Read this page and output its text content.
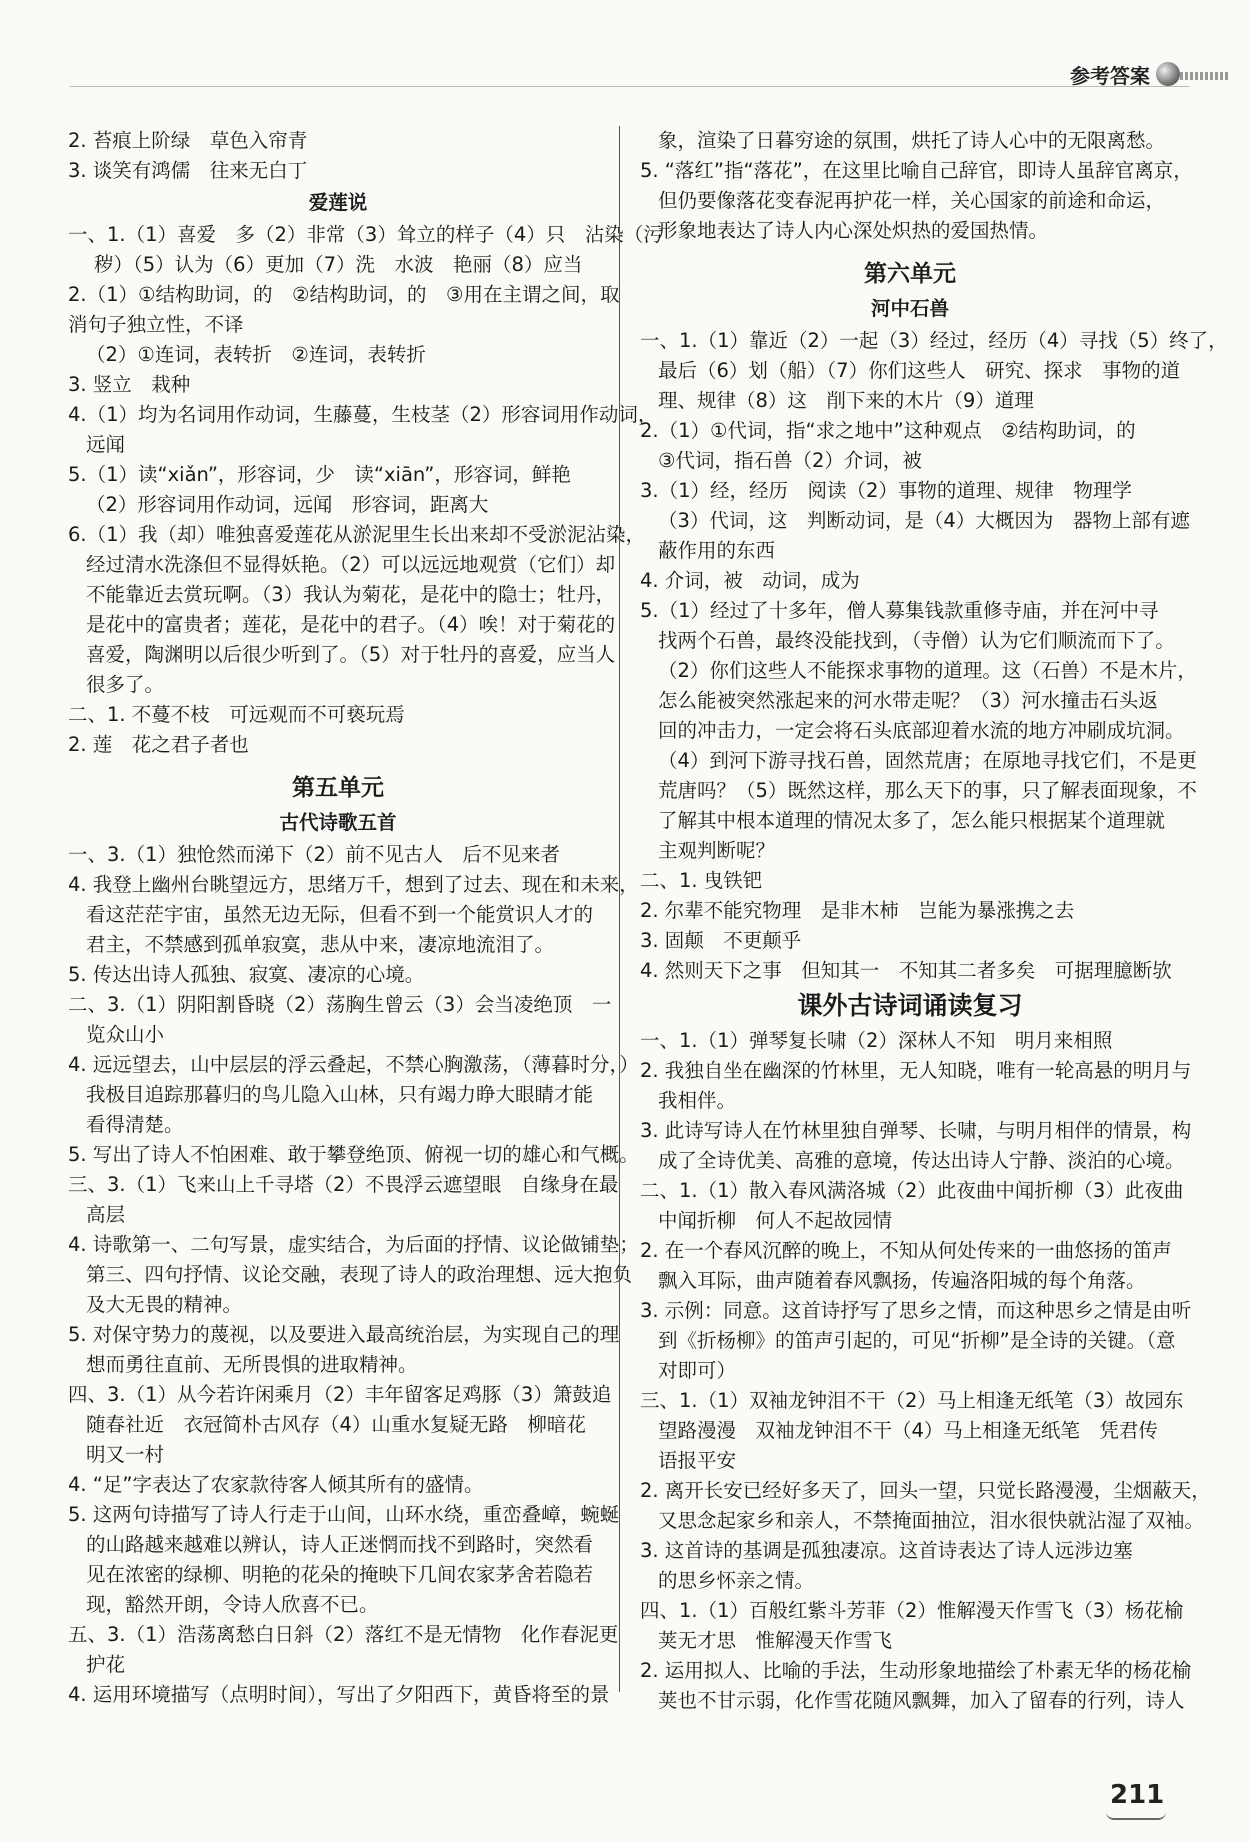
参考答案
2. 苔痕上阶绿　草色入帘青
3. 谈笑有鸿儒　往来无白丁
爱莲说
一、1.（1）喜爱　多（2）非常（3）耸立的样子（4）只　沾染（污
秽）（5）认为（6）更加（7）洗　水波　艳丽（8）应当
2.（1）①结构助词，的　②结构助词，的　③用在主谓之间，取
消句子独立性，不译
（2）①连词，表转折　②连词，表转折
3. 竖立　栽种
4.（1）均为名词用作动词，生藤蔓，生枝茎（2）形容词用作动词，
远闻
5.（1）读“xiǎn”，形容词，少　读“xiān”，形容词，鲜艳
（2）形容词用作动词，远闻　形容词，距离大
6.（1）我（却）唯独喜爱莲花从淤泥里生长出来却不受淤泥沾染，
经过清水洗涤但不显得妖艳。（2）可以远远地观赏（它们）却
不能靠近去赏玩啊。（3）我认为菊花，是花中的隐士；牡丹，
是花中的富贵者；莲花，是花中的君子。（4）唉！对于菊花的
喜爱，陶渊明以后很少听到了。（5）对于牡丹的喜爱，应当人
很多了。
二、1. 不蔓不枝　可远观而不可亵玩焉
2. 莲　花之君子者也
第五单元
古代诗歌五首
一、3.（1）独怆然而涕下（2）前不见古人　后不见来者
4. 我登上幽州台眺望远方，思绪万千，想到了过去、现在和未来，
看这茫茫宇宙，虽然无边无际，但看不到一个能赏识人才的
君主，不禁感到孤单寂寞，悲从中来，凄凉地流泪了。
5. 传达出诗人孤独、寂寞、凄凉的心境。
二、3.（1）阴阳割昏晓（2）荡胸生曾云（3）会当凌绝顶　一
览众山小
4. 远远望去，山中层层的浮云叠起，不禁心胸激荡，（薄暮时分，）
我极目追踪那暮归的鸟儿隐入山林，只有竭力睁大眼睛才能
看得清楚。
5. 写出了诗人不怕困难、敢于攀登绝顶、俯视一切的雄心和气概。
三、3.（1）飞来山上千寻塔（2）不畏浮云遮望眼　自缘身在最
高层
4. 诗歌第一、二句写景，虚实结合，为后面的抒情、议论做铺垫；
第三、四句抒情、议论交融，表现了诗人的政治理想、远大抱负
及大无畏的精神。
5. 对保守势力的蔑视，以及要进入最高统治层，为实现自己的理
想而勇往直前、无所畏惧的进取精神。
四、3.（1）从今若许闲乘月（2）丰年留客足鸡豚（3）箫鼓追
随春社近　衣冠简朴古风存（4）山重水复疑无路　柳暗花
明又一村
4. “足”字表达了农家款待客人倾其所有的盛情。
5. 这两句诗描写了诗人行走于山间，山环水绕，重峦叠嶂，蜿蜒
的山路越来越难以辨认，诗人正迷惘而找不到路时，突然看
见在浓密的绿柳、明艳的花朵的掩映下几间农家茅舍若隐若
现，豁然开朗，令诗人欣喜不已。
五、3.（1）浩荡离愁白日斜（2）落红不是无情物　化作春泥更
护花
4. 运用环境描写（点明时间），写出了夕阳西下，黄昏将至的景
象，渲染了日暮穷途的氛围，烘托了诗人心中的无限离愁。
5. “落红”指“落花”，在这里比喻自己辞官，即诗人虽辞官离京，
但仍要像落花变春泥再护花一样，关心国家的前途和命运，
形象地表达了诗人内心深处炽热的爱国热情。
第六单元
河中石兽
一、1.（1）靠近（2）一起（3）经过，经历（4）寻找（5）终了，
最后（6）划（船）（7）你们这些人　研究、探求　事物的道
理、规律（8）这　削下来的木片（9）道理
2.（1）①代词，指“求之地中”这种观点　②结构助词，的
③代词，指石兽（2）介词，被
3.（1）经，经历　阅读（2）事物的道理、规律　物理学
（3）代词，这　判断动词，是（4）大概因为　器物上部有遮
蔽作用的东西
4. 介词，被　动词，成为
5.（1）经过了十多年，僧人募集钱款重修寺庙，并在河中寻
找两个石兽，最终没能找到，（寺僧）认为它们顺流而下了。
（2）你们这些人不能探求事物的道理。这（石兽）不是木片，
怎么能被突然涨起来的河水带走呢？（3）河水撞击石头返
回的冲击力，一定会将石头底部迎着水流的地方冲刷成坑洞。
（4）到河下游寻找石兽，固然荒唐；在原地寻找它们，不是更
荒唐吗？（5）既然这样，那么天下的事，只了解表面现象，不
了解其中根本道理的情况太多了，怎么能只根据某个道理就
主观判断呢？
二、1. 曳铁钯
2. 尔辈不能究物理　是非木柿　岂能为暴涨携之去
3. 固颠　不更颠乎
4. 然则天下之事　但知其一　不知其二者多矣　可据理臆断欤
课外古诗词诵读复习
一、1.（1）弹琴复长啸（2）深林人不知　明月来相照
2. 我独自坐在幽深的竹林里，无人知晓，唯有一轮高悬的明月与
我相伴。
3. 此诗写诗人在竹林里独自弹琴、长啸，与明月相伴的情景，构
成了全诗优美、高雅的意境，传达出诗人宁静、淡泊的心境。
二、1.（1）散入春风满洛城（2）此夜曲中闻折柳（3）此夜曲
中闻折柳　何人不起故园情
2. 在一个春风沉醉的晚上，不知从何处传来的一曲悠扬的笛声
飘入耳际，曲声随着春风飘扬，传遍洛阳城的每个角落。
3. 示例：同意。这首诗抒写了思乡之情，而这种思乡之情是由听
到《折杨柳》的笛声引起的，可见“折柳”是全诗的关键。（意
对即可）
三、1.（1）双袖龙钟泪不干（2）马上相逢无纸笔（3）故园东
望路漫漫　双袖龙钟泪不干（4）马上相逢无纸笔　凭君传
语报平安
2. 离开长安已经好多天了，回头一望，只觉长路漫漫，尘烟蔽天，
又思念起家乡和亲人，不禁掩面抽泣，泪水很快就沾湿了双袖。
3. 这首诗的基调是孤独凄凉。这首诗表达了诗人远涉边塞
的思乡怀亲之情。
四、1.（1）百般红紫斗芳菲（2）惟解漫天作雪飞（3）杨花榆
荚无才思　惟解漫天作雪飞
2. 运用拟人、比喻的手法，生动形象地描绘了朴素无华的杨花榆
荚也不甘示弱，化作雪花随风飘舞，加入了留春的行列，诗人
211
